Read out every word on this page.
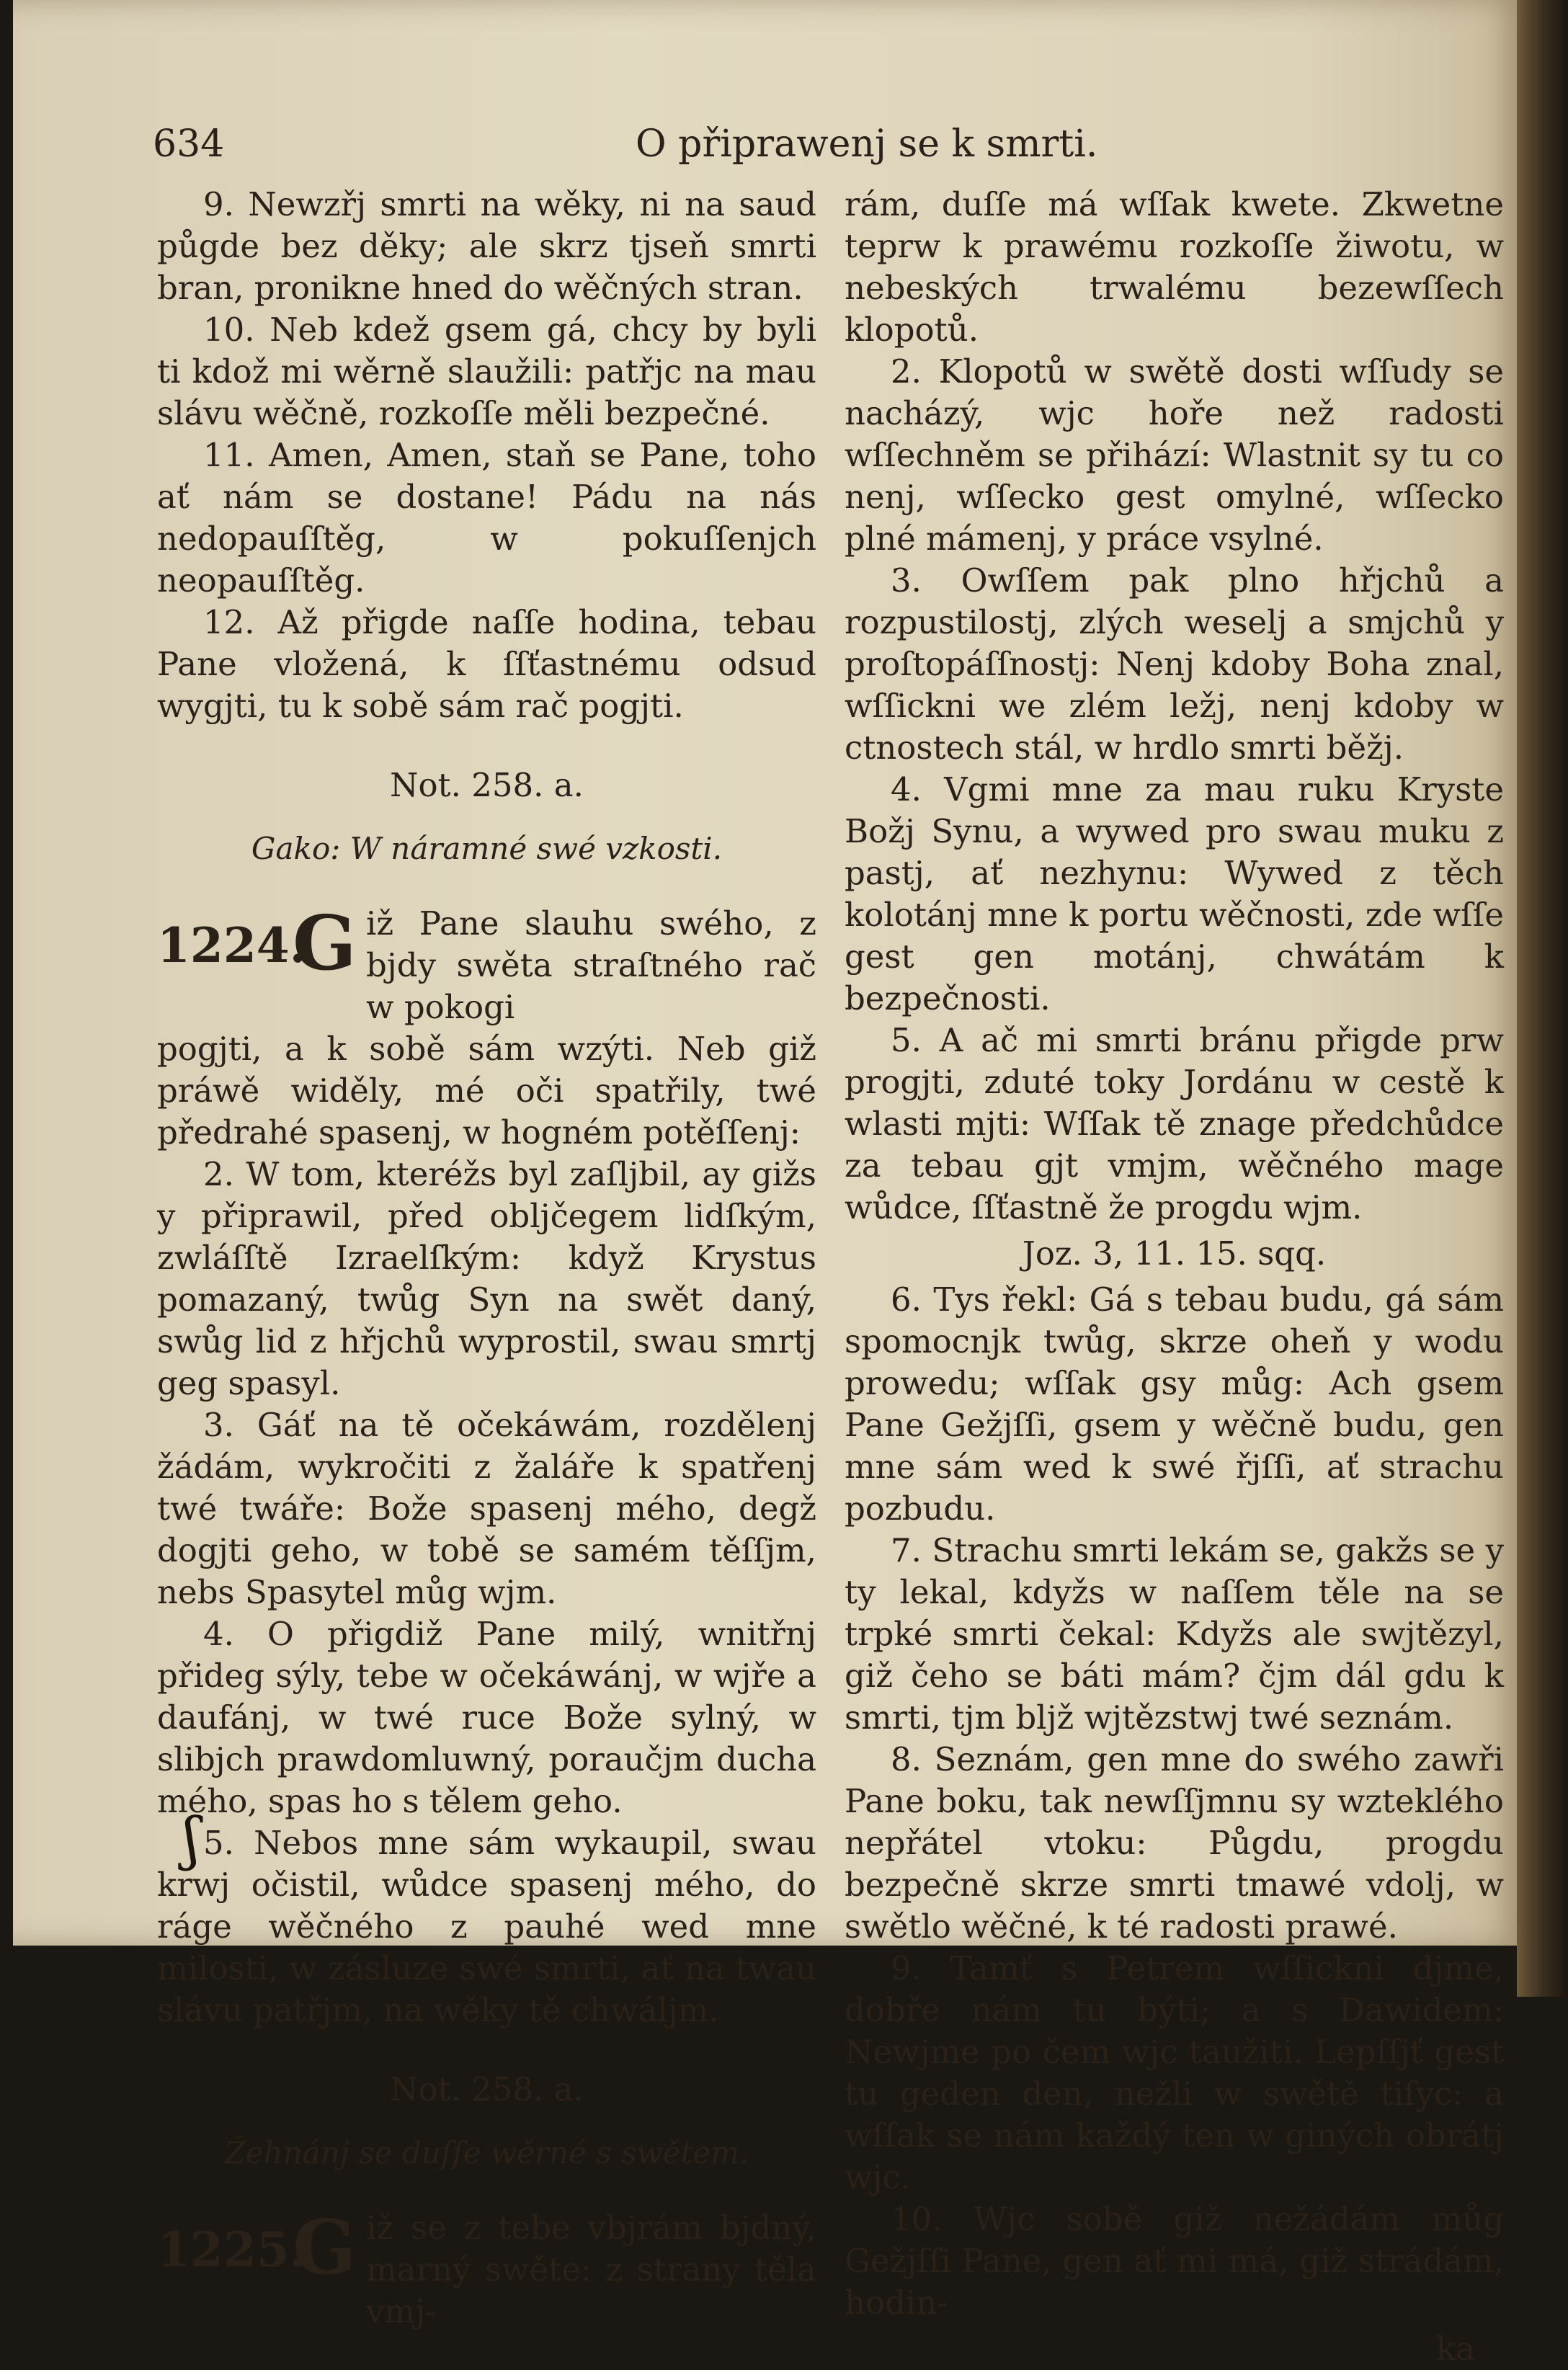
634	O připrawenj se k smrti.

9. Newzřj smrti na wěky, ni na saud půgde bez děky; ale skrz tjseň smrti bran, pronikne hned do wěčných stran.

10. Neb kdež gsem gá, chcy by byli ti kdož mi wěrně slaužili: patřjc na mau slávu wěčně, rozkoſſe měli bezpečné.

11. Amen, Amen, staň se Pane, toho ať nám se dostane! Pádu na nás nedopauſſtěg, w pokuſſenjch neopauſſtěg.

12. Až přigde naſſe hodina, tebau Pane vložená, k ſſťastnému odsud wygjti, tu k sobě sám rač pogjti.

Not. 258. a.
Gako: W náramné swé vzkosti.
1224.
G iž Pane slauhu swého, z bjdy swěta straſtného rač w pokogi

pogjti, a k sobě sám wzýti. Neb giž práwě widěly, mé oči spatřily, twé předrahé spasenj, w hogném potěſſenj:

2. W tom, kteréžs byl zaſljbil, ay gižs y připrawil, před obljčegem lidſkým, zwláſſtě Izraelſkým: když Krystus pomazaný, twůg Syn na swět daný, swůg lid z hřjchů wyprostil, swau smrtj geg spasyl.

3. Gáť na tě očekáwám, rozdělenj žádám, wykročiti z žaláře k spatřenj twé twáře: Bože spasenj mého, degž dogjti geho, w tobě se samém těſſjm, nebs Spasytel můg wjm.

4. O přigdiž Pane milý, wnitřnj přideg sýly, tebe w očekáwánj, w wjře a daufánj, w twé ruce Bože sylný, w slibjch prawdomluwný, poraučjm ducha mého, spas ho s tělem geho.

5. Nebos mne sám wykaupil, swau krwj očistil, wůdce spasenj mého, do ráge wěčného z pauhé wed mne milosti, w zásluze swé smrti, ať na twau slávu patřjm, na wěky tě chwáljm.

Not. 258. a.
Žehnánj se duſſe wěrné s swětem.
1225.
G iž se z tebe vbjrám bjdný, marný swěte: z strany těla vmj-

rám, duſſe má wſſak kwete. Zkwetne teprw k prawému rozkoſſe žiwotu, w nebeských trwalému bezewſſech klopotů.

2. Klopotů w swětě dosti wſſudy se nacházý, wjc hoře než radosti wſſechněm se přihází: Wlastnit sy tu co nenj, wſſecko gest omylné, wſſecko plné mámenj, y práce vsylné.

3. Owſſem pak plno hřjchů a rozpustilostj, zlých weselj a smjchů y proſtopáſſnostj: Nenj kdoby Boha znal, wſſickni we zlém ležj, nenj kdoby w ctnostech stál, w hrdlo smrti běžj.

4. Vgmi mne za mau ruku Kryste Božj Synu, a wywed pro swau muku z pastj, ať nezhynu: Wywed z těch kolotánj mne k portu wěčnosti, zde wſſe gest gen motánj, chwátám k bezpečnosti.

5. A ač mi smrti bránu přigde prw progjti, zduté toky Jordánu w cestě k wlasti mjti: Wſſak tě znage předchůdce za tebau gjt vmjm, wěčného mage wůdce, ſſťastně že progdu wjm.

Joz. 3, 11. 15. sqq.

6. Tys řekl: Gá s tebau budu, gá sám spomocnjk twůg, skrze oheň y wodu prowedu; wſſak gsy můg: Ach gsem Pane Gežjſſi, gsem y wěčně budu, gen mne sám wed k swé řjſſi, ať strachu pozbudu.

7. Strachu smrti lekám se, gakžs se y ty lekal, kdyžs w naſſem těle na se trpké smrti čekal: Kdyžs ale swjtězyl, giž čeho se báti mám? čjm dál gdu k smrti, tjm bljž wjtězstwj twé seznám.

8. Seznám, gen mne do swého zawři Pane boku, tak newſſjmnu sy wzteklého nepřátel vtoku: Půgdu, progdu bezpečně skrze smrti tmawé vdolj, w swětlo wěčné, k té radosti prawé.

9. Tamť s Petrem wſſickni djme, dobře nám tu býti; a s Dawidem: Newjme po čem wjc taužiti. Lepſſjť gest tu geden den, nežli w swětě tiſyc: a wſſak se nám každý ten w giných obrátj wjc.

10. Wjc sobě giž nežádám můg Gežjſſi Pane, gen ať mi má, giž strádám, hodin-

ka
ʃ
